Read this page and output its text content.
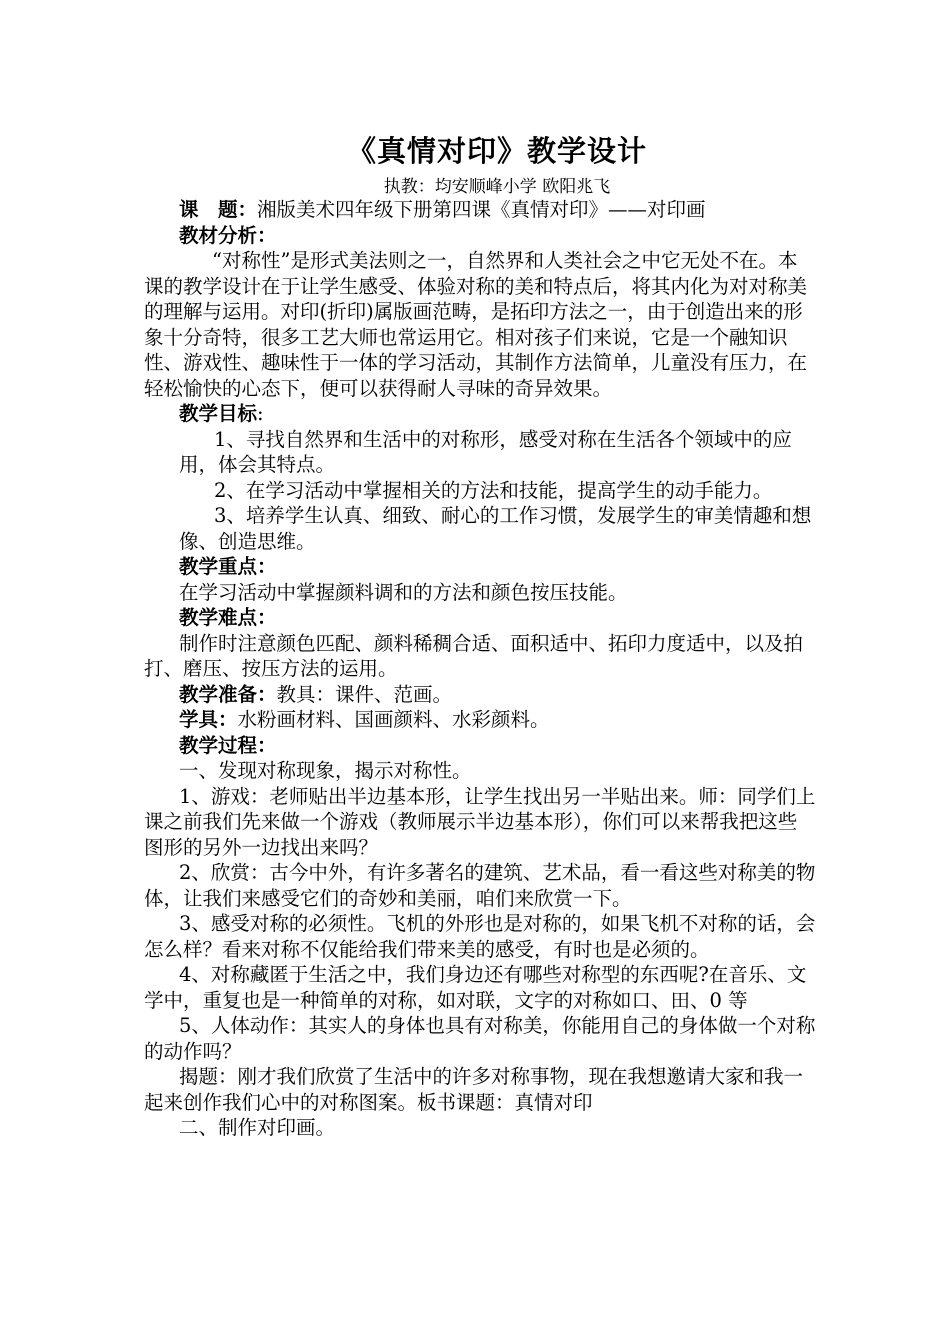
《真情对印》教学设计
执教：均安顺峰小学 欧阳兆飞

课　题：湘版美术四年级下册第四课《真情对印》——对印画

教材分析：

“对称性”是形式美法则之一，自然界和人类社会之中它无处不在。本课的教学设计在于让学生感受、体验对称的美和特点后，将其内化为对对称美的理解与运用。对印(折印)属版画范畴，是拓印方法之一，由于创造出来的形象十分奇特，很多工艺大师也常运用它。相对孩子们来说，它是一个融知识性、游戏性、趣味性于一体的学习活动，其制作方法简单，儿童没有压力，在轻松愉快的心态下，便可以获得耐人寻味的奇异效果。

教学目标:

1、寻找自然界和生活中的对称形，感受对称在生活各个领域中的应用，体会其特点。

2、在学习活动中掌握相关的方法和技能，提高学生的动手能力。

3、培养学生认真、细致、耐心的工作习惯，发展学生的审美情趣和想像、创造思维。

教学重点：

在学习活动中掌握颜料调和的方法和颜色按压技能。

教学难点：

制作时注意颜色匹配、颜料稀稠合适、面积适中、拓印力度适中，以及拍打、磨压、按压方法的运用。

教学准备：教具：课件、范画。

学具：水粉画材料、国画颜料、水彩颜料。

教学过程：

一、发现对称现象，揭示对称性。

1、游戏：老师贴出半边基本形，让学生找出另一半贴出来。师：同学们上课之前我们先来做一个游戏（教师展示半边基本形），你们可以来帮我把这些图形的另外一边找出来吗？

2、欣赏：古今中外，有许多著名的建筑、艺术品，看一看这些对称美的物体，让我们来感受它们的奇妙和美丽，咱们来欣赏一下。

3、感受对称的必须性。飞机的外形也是对称的，如果飞机不对称的话，会怎么样？看来对称不仅能给我们带来美的感受，有时也是必须的。

4、对称藏匿于生活之中，我们身边还有哪些对称型的东西呢?在音乐、文学中，重复也是一种简单的对称，如对联，文字的对称如口、田、0 等

5、人体动作：其实人的身体也具有对称美，你能用自己的身体做一个对称的动作吗？

揭题：刚才我们欣赏了生活中的许多对称事物，现在我想邀请大家和我一起来创作我们心中的对称图案。板书课题：真情对印

二、制作对印画。
